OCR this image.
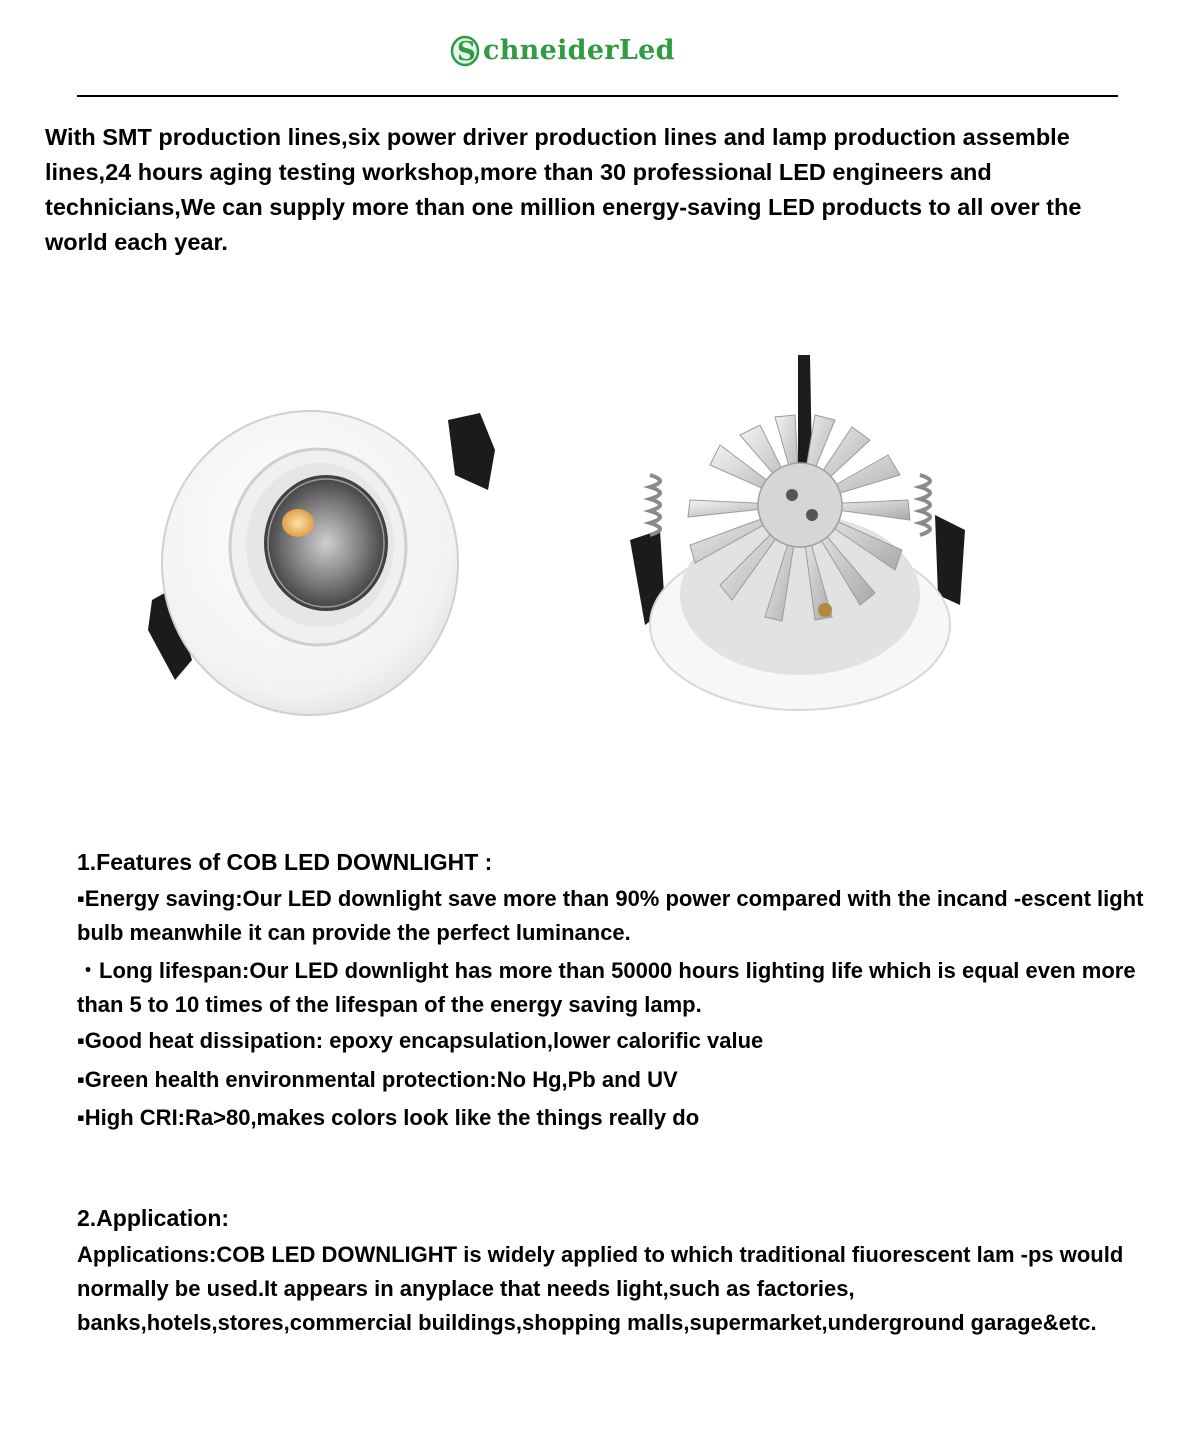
S chneiderLed
With SMT production lines,six power driver production lines and lamp production assemble lines,24 hours aging testing workshop,more than 30 professional LED engineers and technicians,We can supply more than one million energy-saving LED products to all over the world each year.
1.Features of COB LED DOWNLIGHT :
▪Energy saving:Our LED downlight save more than 90% power compared with the incand -escent light bulb meanwhile it can provide the perfect luminance.
・Long lifespan:Our LED downlight has more than 50000 hours lighting life which is equal even more than 5 to 10 times of the lifespan of the energy saving lamp.
▪Good heat dissipation: epoxy encapsulation,lower calorific value
▪Green health environmental protection:No Hg,Pb and UV
▪High CRI:Ra>80,makes colors look like the things really do
2.Application:
Applications:COB LED DOWNLIGHT is widely applied to which traditional fiuorescent lam -ps would normally be used.It appears in anyplace that needs light,such as factories, banks,hotels,stores,commercial buildings,shopping malls,supermarket,underground garage&etc.
